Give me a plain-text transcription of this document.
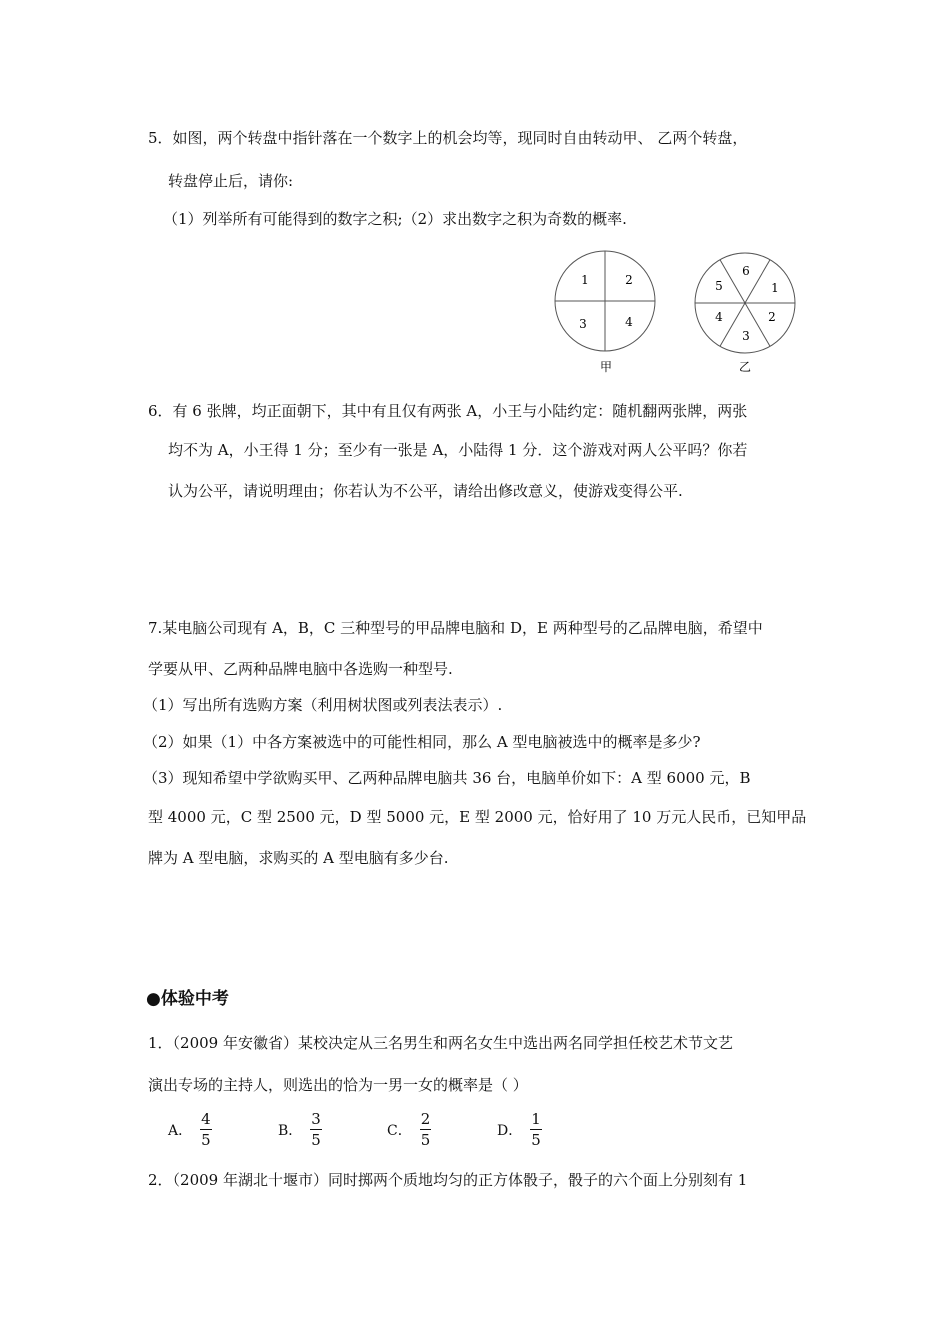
5．如图，两个转盘中指针落在一个数字上的机会均等，现同时自由转动甲、 乙两个转盘，
转盘停止后，请你:
（1）列举所有可能得到的数字之积;（2）求出数字之积为奇数的概率.
1	2
3	4
甲
6
1
2
3
4
5
乙
6．有 6 张牌，均正面朝下，其中有且仅有两张 A，小王与小陆约定：随机翻两张牌，两张
均不为 A，小王得 1 分；至少有一张是 A，小陆得 1 分．这个游戏对两人公平吗？你若
认为公平，请说明理由；你若认为不公平，请给出修改意义，使游戏变得公平.
7.某电脑公司现有 A，B，C 三种型号的甲品牌电脑和 D，E 两种型号的乙品牌电脑，希望中
学要从甲、乙两种品牌电脑中各选购一种型号.
（1）写出所有选购方案（利用树状图或列表法表示）.
（2）如果（1）中各方案被选中的可能性相同，那么 A 型电脑被选中的概率是多少?
（3）现知希望中学欲购买甲、乙两种品牌电脑共 36 台，电脑单价如下：A 型 6000 元，B
型 4000 元，C 型 2500 元，D 型 5000 元，E 型 2000 元，恰好用了 10 万元人民币，已知甲品
牌为 A 型电脑，求购买的 A 型电脑有多少台.
●体验中考
1．（2009 年安徽省）某校决定从三名男生和两名女生中选出两名同学担任校艺术节文艺
演出专场的主持人，则选出的恰为一男一女的概率是（ ）
A． $\frac{4}{5}$	B． $\frac{3}{5}$	C． $\frac{2}{5}$	D． $\frac{1}{5}$
2．（2009 年湖北十堰市）同时掷两个质地均匀的正方体骰子，骰子的六个面上分别刻有 1
